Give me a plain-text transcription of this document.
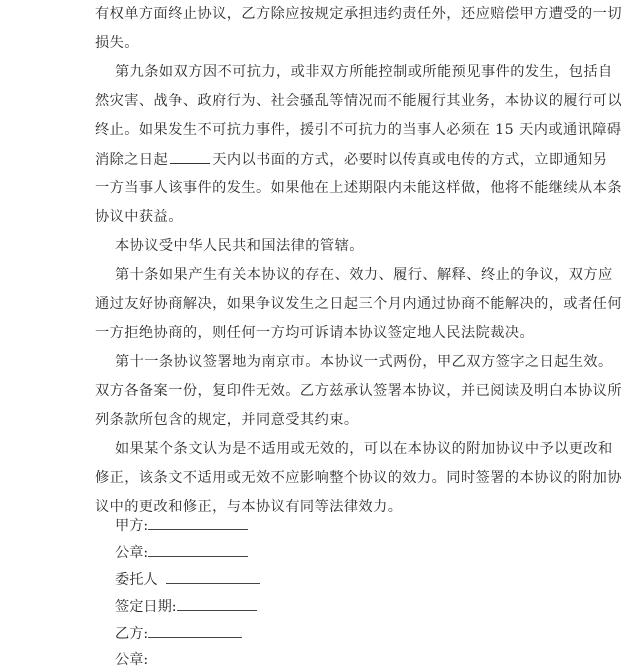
有权单方面终止协议，乙方除应按规定承担违约责任外，还应赔偿甲方遭受的一切
损失。
第九条如双方因不可抗力，或非双方所能控制或所能预见事件的发生，包括自
然灾害、战争、政府行为、社会骚乱等情况而不能履行其业务，本协议的履行可以
终止。如果发生不可抗力事件，援引不可抗力的当事人必须在 15 天内或通讯障碍
消除之日起	天内以书面的方式，必要时以传真或电传的方式，立即通知另
一方当事人该事件的发生。如果他在上述期限内未能这样做，他将不能继续从本条
协议中获益。
本协议受中华人民共和国法律的管辖。
第十条如果产生有关本协议的存在、效力、履行、解释、终止的争议，双方应
通过友好协商解决，如果争议发生之日起三个月内通过协商不能解决的，或者任何
一方拒绝协商的，则任何一方均可诉请本协议签定地人民法院裁决。
第十一条协议签署地为南京市。本协议一式两份，甲乙双方签字之日起生效。
双方各备案一份，复印件无效。乙方兹承认签署本协议，并已阅读及明白本协议所
列条款所包含的规定，并同意受其约束。
如果某个条文认为是不适用或无效的，可以在本协议的附加协议中予以更改和
修正，该条文不适用或无效不应影响整个协议的效力。同时签署的本协议的附加协
议中的更改和修正，与本协议有同等法律效力。
甲方:
公章:
委托人
签定日期:
乙方:
公章:
